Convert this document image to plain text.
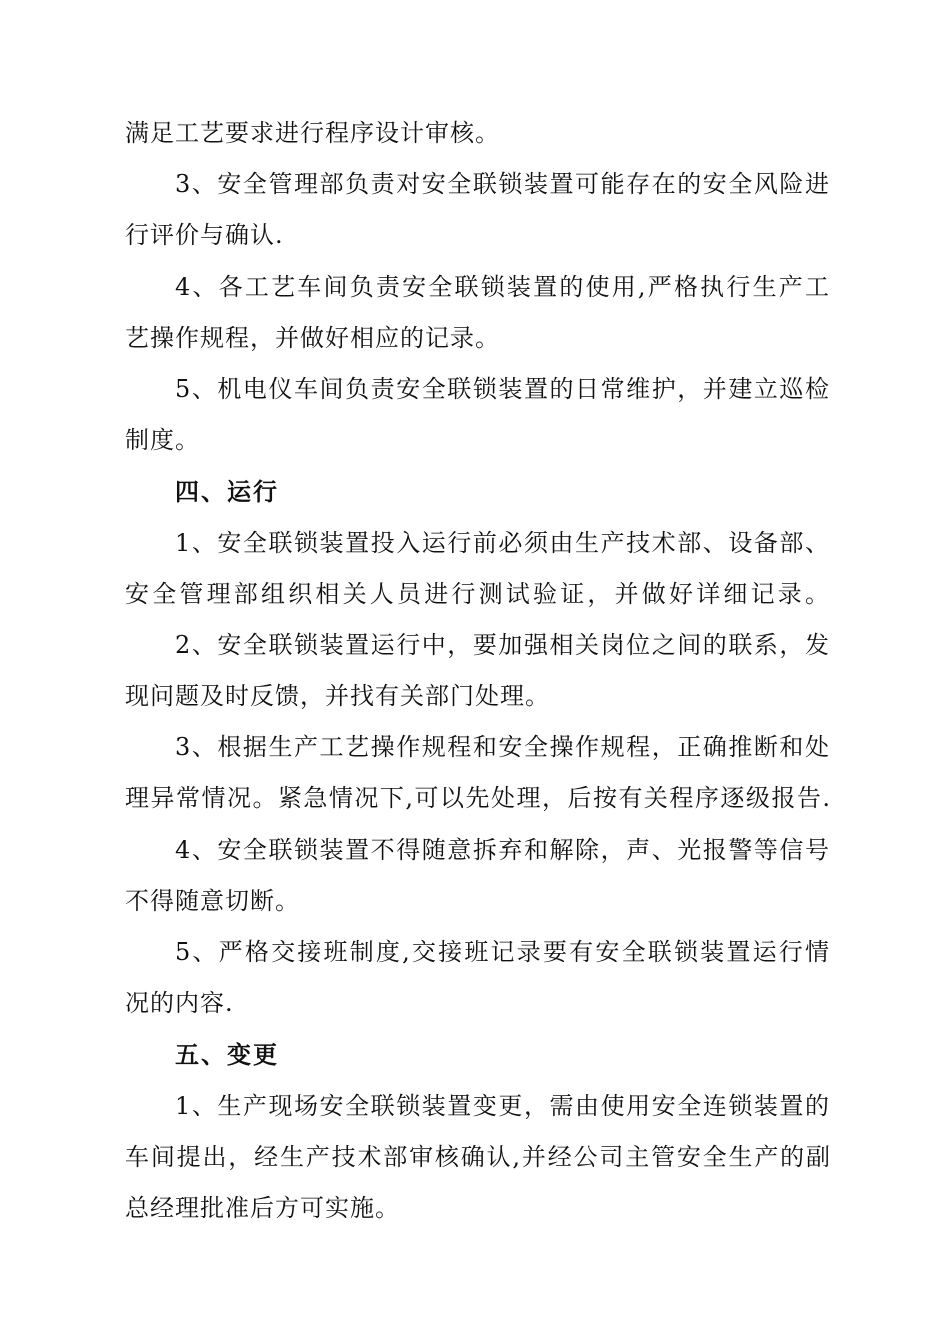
满足工艺要求进行程序设计审核。
3、安全管理部负责对安全联锁装置可能存在的安全风险进
行评价与确认.
4、各工艺车间负责安全联锁装置的使用,严格执行生产工
艺操作规程，并做好相应的记录。
5、机电仪车间负责安全联锁装置的日常维护，并建立巡检
制度。
四、运行
1、安全联锁装置投入运行前必须由生产技术部、设备部、
安全管理部组织相关人员进行测试验证，并做好详细记录。
2、安全联锁装置运行中，要加强相关岗位之间的联系，发
现问题及时反馈，并找有关部门处理。
3、根据生产工艺操作规程和安全操作规程，正确推断和处
理异常情况。紧急情况下,可以先处理，后按有关程序逐级报告.
4、安全联锁装置不得随意拆弃和解除，声、光报警等信号
不得随意切断。
5、严格交接班制度,交接班记录要有安全联锁装置运行情
况的内容.
五、变更
1、生产现场安全联锁装置变更，需由使用安全连锁装置的
车间提出，经生产技术部审核确认,并经公司主管安全生产的副
总经理批准后方可实施。
